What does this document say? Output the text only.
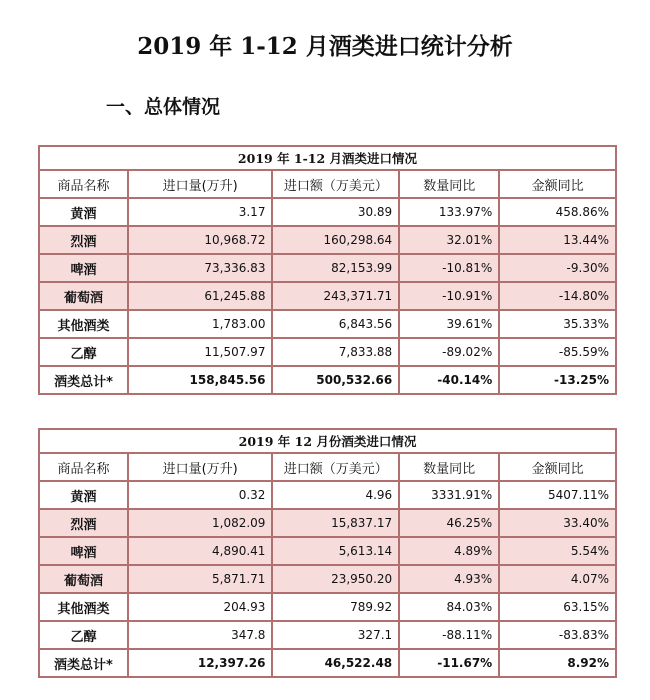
2019 年 1-12 月酒类进口统计分析
一、总体情况
2019 年 1-12 月酒类进口情况				
商品名称	进口量(万升)	进口额（万美元）	数量同比	金额同比
黄酒	3.17	30.89	133.97%	458.86%
烈酒	10,968.72	160,298.64	32.01%	13.44%
啤酒	73,336.83	82,153.99	-10.81%	-9.30%
葡萄酒	61,245.88	243,371.71	-10.91%	-14.80%
其他酒类	1,783.00	6,843.56	39.61%	35.33%
乙醇	11,507.97	7,833.88	-89.02%	-85.59%
酒类总计*	158,845.56	500,532.66	-40.14%	-13.25%
2019 年 12 月份酒类进口情况				
商品名称	进口量(万升)	进口额（万美元）	数量同比	金额同比
黄酒	0.32	4.96	3331.91%	5407.11%
烈酒	1,082.09	15,837.17	46.25%	33.40%
啤酒	4,890.41	5,613.14	4.89%	5.54%
葡萄酒	5,871.71	23,950.20	4.93%	4.07%
其他酒类	204.93	789.92	84.03%	63.15%
乙醇	347.8	327.1	-88.11%	-83.83%
酒类总计*	12,397.26	46,522.48	-11.67%	8.92%
